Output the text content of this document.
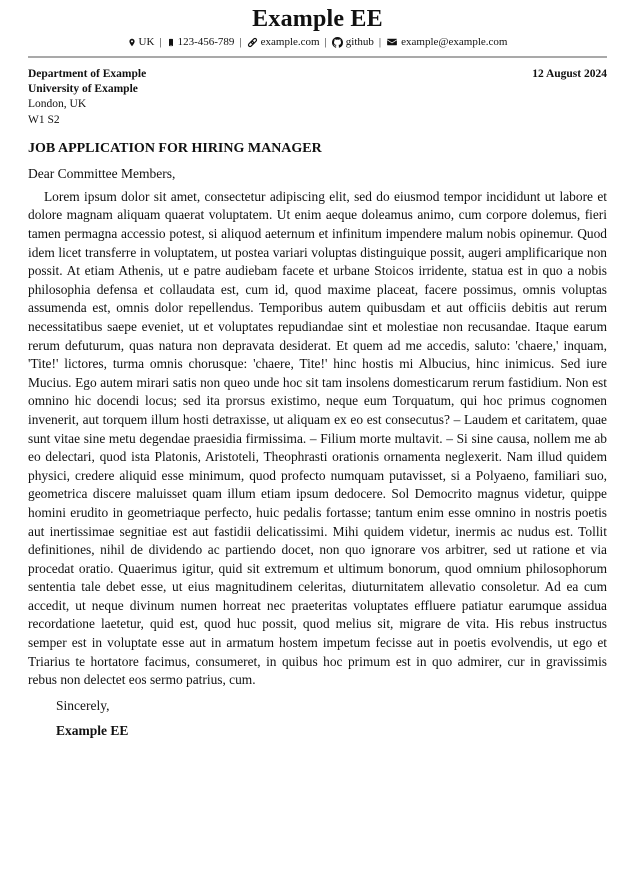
Example EE
UK | 123-456-789 | example.com | github | example@example.com
Department of Example
University of Example
London, UK
W1 S2
12 August 2024
JOB APPLICATION FOR HIRING MANAGER
Dear Committee Members,

Lorem ipsum dolor sit amet, consectetur adipiscing elit, sed do eiusmod tempor incididunt ut labore et dolore magnam aliquam quaerat voluptatem. Ut enim aeque doleamus animo, cum corpore dolemus, fieri tamen permagna accessio potest, si aliquod aeternum et infinitum impendere malum nobis opinemur. Quod idem licet transferre in voluptatem, ut postea variari voluptas distinguique possit, augeri amplificarique non possit. At etiam Athenis, ut e patre audiebam facete et urbane Stoicos irridente, statua est in quo a nobis philosophia defensa et collaudata est, cum id, quod maxime placeat, facere possimus, omnis voluptas assumenda est, omnis dolor repellendus. Temporibus autem quibusdam et aut officiis debitis aut rerum necessitatibus saepe eveniet, ut et voluptates repudiandae sint et molestiae non recusandae. Itaque earum rerum defuturum, quas natura non depravata desiderat. Et quem ad me accedis, saluto: 'chaere,' inquam, 'Tite!' lictores, turma omnis chorusque: 'chaere, Tite!' hinc hostis mi Albucius, hinc inimicus. Sed iure Mucius. Ego autem mirari satis non queo unde hoc sit tam insolens domesticarum rerum fastidium. Non est omnino hic docendi locus; sed ita prorsus existimo, neque eum Torquatum, qui hoc primus cognomen invenerit, aut torquem illum hosti detraxisse, ut aliquam ex eo est consecutus? – Laudem et caritatem, quae sunt vitae sine metu degendae praesidia firmissima. – Filium morte multavit. – Si sine causa, nollem me ab eo delectari, quod ista Platonis, Aristoteli, Theophrasti orationis ornamenta neglexerit. Nam illud quidem physici, credere aliquid esse minimum, quod profecto numquam putavisset, si a Polyaeno, familiari suo, geometrica discere maluisset quam illum etiam ipsum dedocere. Sol Democrito magnus videtur, quippe homini erudito in geometriaque perfecto, huic pedalis fortasse; tantum enim esse omnino in nostris poetis aut inertissimae segnitiae est aut fastidii delicatissimi. Mihi quidem videtur, inermis ac nudus est. Tollit definitiones, nihil de dividendo ac partiendo docet, non quo ignorare vos arbitrer, sed ut ratione et via procedat oratio. Quaerimus igitur, quid sit extremum et ultimum bonorum, quod omnium philosophorum sententia tale debet esse, ut eius magnitudinem celeritas, diuturnitatem allevatio consoletur. Ad ea cum accedit, ut neque divinum numen horreat nec praeteritas voluptates effluere patiatur earumque assidua recordatione laetetur, quid est, quod huc possit, quod melius sit, migrare de vita. His rebus instructus semper est in voluptate esse aut in armatum hostem impetum fecisse aut in poetis evolvendis, ut ego et Triarius te hortatore facimus, consumeret, in quibus hoc primum est in quo admirer, cur in gravissimis rebus non delectet eos sermo patrius, cum.

Sincerely,
Example EE
